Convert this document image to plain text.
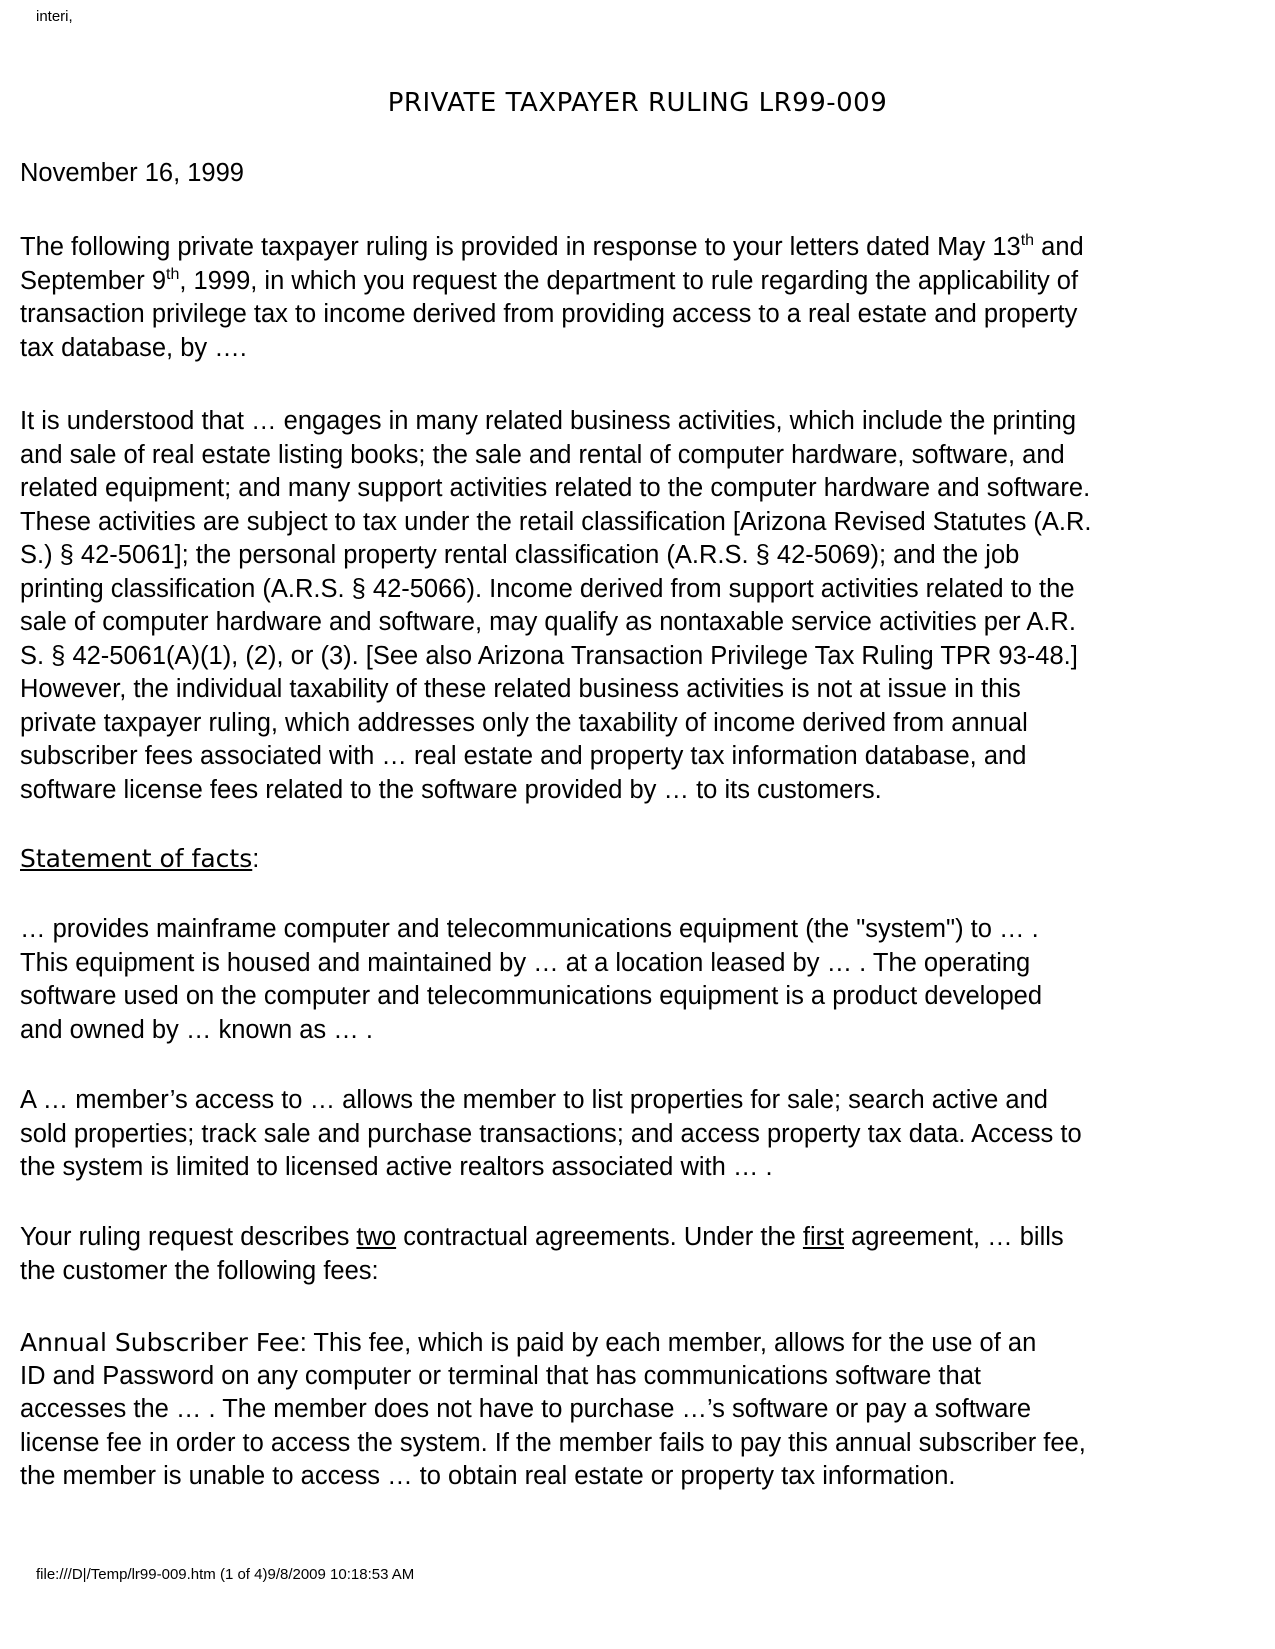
interi,
PRIVATE TAXPAYER RULING LR99-009
November 16, 1999
The following private taxpayer ruling is provided in response to your letters dated May 13th and
September 9th, 1999, in which you request the department to rule regarding the applicability of
transaction privilege tax to income derived from providing access to a real estate and property
tax database, by ….
It is understood that … engages in many related business activities, which include the printing
and sale of real estate listing books; the sale and rental of computer hardware, software, and
related equipment; and many support activities related to the computer hardware and software.
These activities are subject to tax under the retail classification [Arizona Revised Statutes (A.R.
S.) § 42-5061]; the personal property rental classification (A.R.S. § 42-5069); and the job
printing classification (A.R.S. § 42-5066). Income derived from support activities related to the
sale of computer hardware and software, may qualify as nontaxable service activities per A.R.
S. § 42-5061(A)(1), (2), or (3). [See also Arizona Transaction Privilege Tax Ruling TPR 93-48.]
However, the individual taxability of these related business activities is not at issue in this
private taxpayer ruling, which addresses only the taxability of income derived from annual
subscriber fees associated with … real estate and property tax information database, and
software license fees related to the software provided by … to its customers.
Statement of facts:
… provides mainframe computer and telecommunications equipment (the "system") to … .
This equipment is housed and maintained by … at a location leased by … . The operating
software used on the computer and telecommunications equipment is a product developed
and owned by … known as … .
A … member’s access to … allows the member to list properties for sale; search active and
sold properties; track sale and purchase transactions; and access property tax data. Access to
the system is limited to licensed active realtors associated with … .
Your ruling request describes two contractual agreements. Under the first agreement, … bills
the customer the following fees:
Annual Subscriber Fee: This fee, which is paid by each member, allows for the use of an
ID and Password on any computer or terminal that has communications software that
accesses the … . The member does not have to purchase …’s software or pay a software
license fee in order to access the system. If the member fails to pay this annual subscriber fee,
the member is unable to access … to obtain real estate or property tax information.
file:///D|/Temp/lr99-009.htm (1 of 4)9/8/2009 10:18:53 AM
